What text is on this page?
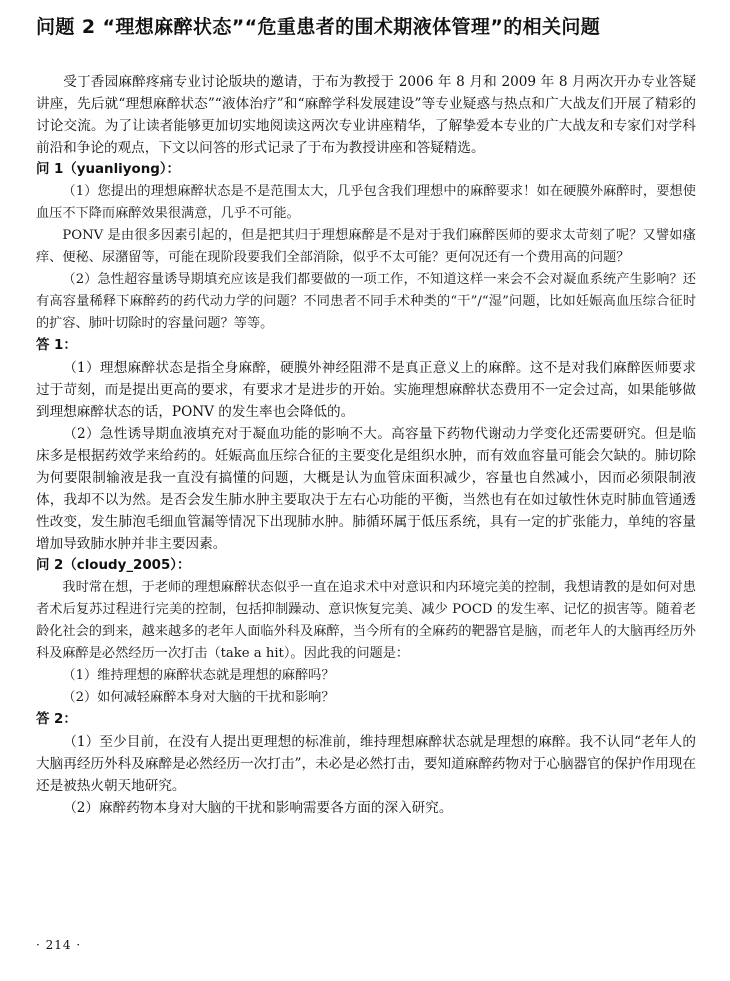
问题 2 “理想麻醉状态”“危重患者的围术期液体管理”的相关问题

受丁香园麻醉疼痛专业讨论版块的邀请，于布为教授于 2006 年 8 月和 2009 年 8 月两次开办专业答疑讲座，先后就“理想麻醉状态”“液体治疗”和“麻醉学科发展建设”等专业疑惑与热点和广大战友们开展了精彩的讨论交流。为了让读者能够更加切实地阅读这两次专业讲座精华，了解挚爱本专业的广大战友和专家们对学科前沿和争论的观点，下文以问答的形式记录了于布为教授讲座和答疑精选。

问 1（yuanliyong）：

（1）您提出的理想麻醉状态是不是范围太大，几乎包含我们理想中的麻醉要求！如在硬膜外麻醉时，要想使血压不下降而麻醉效果很满意，几乎不可能。

PONV 是由很多因素引起的，但是把其归于理想麻醉是不是对于我们麻醉医师的要求太苛刻了呢？又譬如瘙痒、便秘、尿潴留等，可能在现阶段要我们全部消除，似乎不太可能？更何况还有一个费用高的问题？

（2）急性超容量诱导期填充应该是我们都要做的一项工作，不知道这样一来会不会对凝血系统产生影响？还有高容量稀释下麻醉药的药代动力学的问题？不同患者不同手术种类的“干”/“湿”问题，比如妊娠高血压综合征时的扩容、肺叶切除时的容量问题？等等。

答 1：

（1）理想麻醉状态是指全身麻醉，硬膜外神经阻滞不是真正意义上的麻醉。这不是对我们麻醉医师要求过于苛刻，而是提出更高的要求，有要求才是进步的开始。实施理想麻醉状态费用不一定会过高，如果能够做到理想麻醉状态的话，PONV 的发生率也会降低的。

（2）急性诱导期血液填充对于凝血功能的影响不大。高容量下药物代谢动力学变化还需要研究。但是临床多是根据药效学来给药的。妊娠高血压综合征的主要变化是组织水肿，而有效血容量可能会欠缺的。肺切除为何要限制输液是我一直没有搞懂的问题，大概是认为血管床面积减少，容量也自然减小，因而必须限制液体，我却不以为然。是否会发生肺水肿主要取决于左右心功能的平衡，当然也有在如过敏性休克时肺血管通透性改变，发生肺泡毛细血管漏等情况下出现肺水肿。肺循环属于低压系统，具有一定的扩张能力，单纯的容量增加导致肺水肿并非主要因素。

问 2（cloudy_2005）：

我时常在想，于老师的理想麻醉状态似乎一直在追求术中对意识和内环境完美的控制，我想请教的是如何对患者术后复苏过程进行完美的控制，包括抑制躁动、意识恢复完美、减少 POCD 的发生率、记忆的损害等。随着老龄化社会的到来，越来越多的老年人面临外科及麻醉，当今所有的全麻药的靶器官是脑，而老年人的大脑再经历外科及麻醉是必然经历一次打击（take a hit）。因此我的问题是：

（1）维持理想的麻醉状态就是理想的麻醉吗？

（2）如何减轻麻醉本身对大脑的干扰和影响？

答 2：

（1）至少目前，在没有人提出更理想的标准前，维持理想麻醉状态就是理想的麻醉。我不认同“老年人的大脑再经历外科及麻醉是必然经历一次打击”，未必是必然打击，要知道麻醉药物对于心脑器官的保护作用现在还是被热火朝天地研究。

（2）麻醉药物本身对大脑的干扰和影响需要各方面的深入研究。

· 214 ·
